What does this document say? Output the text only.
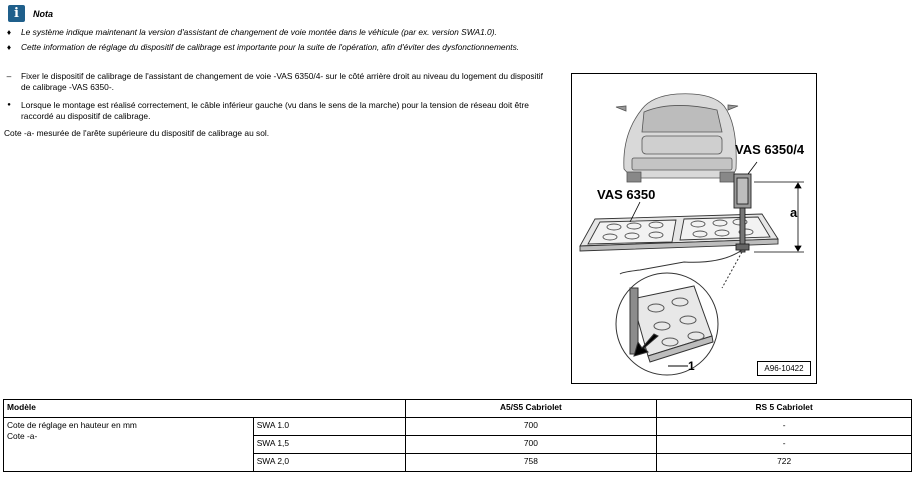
i	Nota
♦	Le système indique maintenant la version d'assistant de changement de voie montée dans le véhicule (par ex. version SWA1.0).
♦	Cette information de réglage du dispositif de calibrage est importante pour la suite de l'opération, afin d'éviter des dysfonctionnements.
–	Fixer le dispositif de calibrage de l'assistant de changement de voie -VAS 6350/4- sur le côté arrière droit au niveau du logement du dispositif de calibrage -VAS 6350-.
●	Lorsque le montage est réalisé correctement, le câble inférieur gauche (vu dans le sens de la marche) pour la tension de réseau doit être raccordé au dispositif de calibrage.
Cote -a- mesurée de l'arête supérieure du dispositif de calibrage au sol.
VAS 6350/4
VAS 6350
a
1	A96-10422
Modèle		A5/S5 Cabriolet	RS 5 Cabriolet

Cote de réglage en hauteur en mm
Cote -a-	SWA 1.0	700	-
	SWA 1,5	700	-
	SWA 2,0	758	722
